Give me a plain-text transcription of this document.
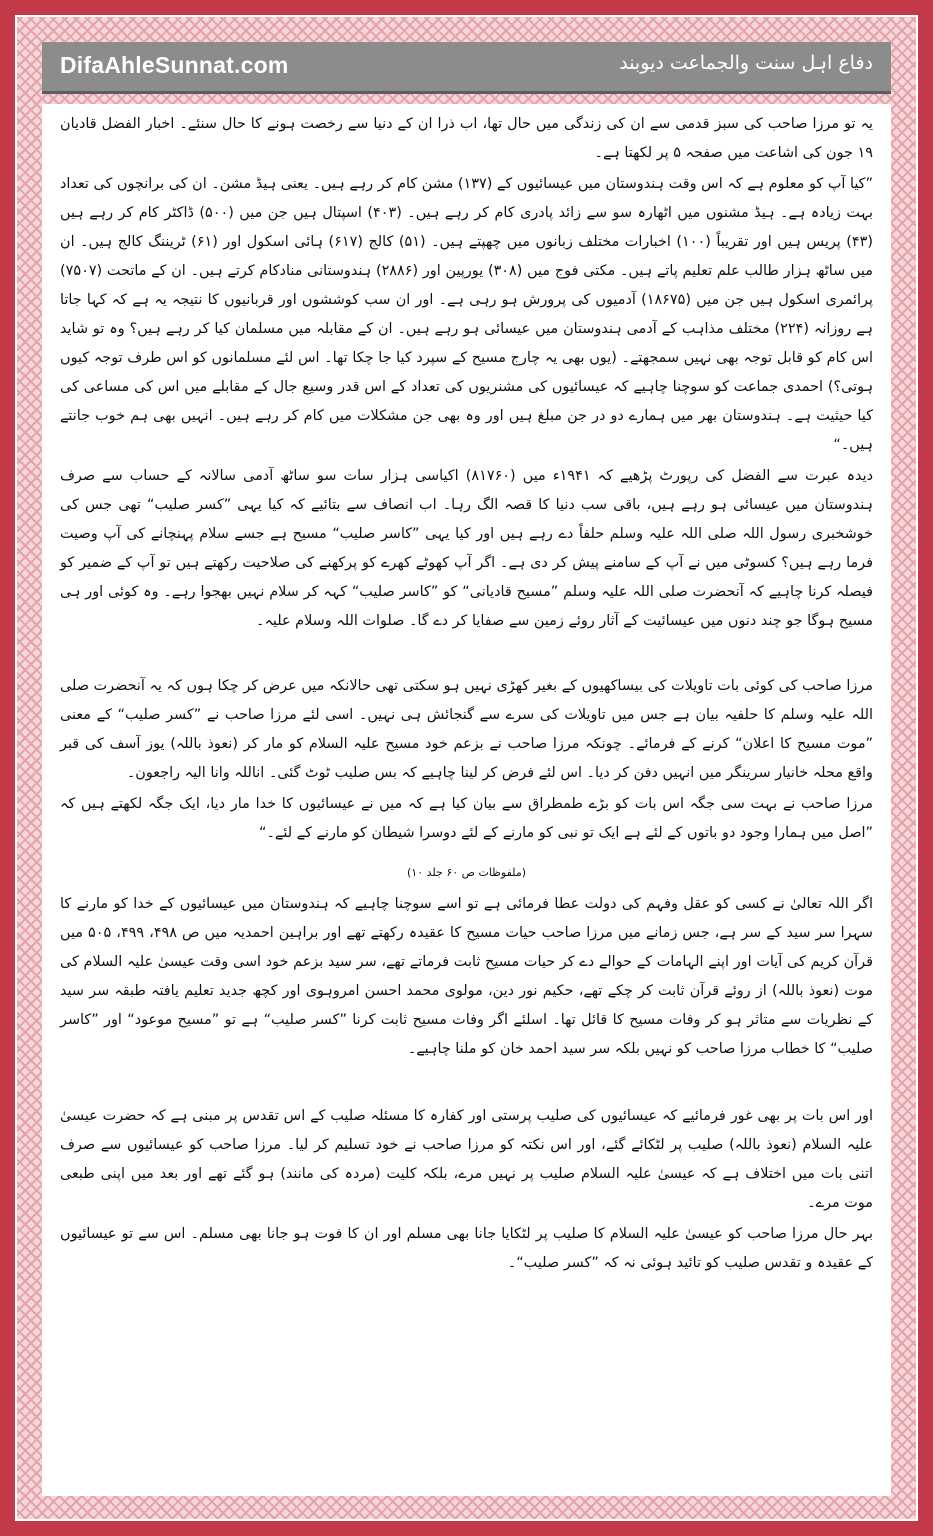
DifaAhleSunnat.com	دفاع اہل سنت والجماعت دیوبند

یہ تو مرزا صاحب کی سبز قدمی سے ان کی زندگی میں حال تھا، اب ذرا ان کے دنیا سے رخصت ہونے کا حال سنئے۔ اخبار الفضل قادیان ۱۹ جون کی اشاعت میں صفحہ ۵ پر لکھتا ہے۔

”کیا آپ کو معلوم ہے کہ اس وقت ہندوستان میں عیسائیوں کے (۱۳۷) مشن کام کر رہے ہیں۔ یعنی ہیڈ مشن۔ ان کی برانچوں کی تعداد بہت زیادہ ہے۔ ہیڈ مشنوں میں اٹھارہ سو سے زائد پادری کام کر رہے ہیں۔ (۴۰۳) اسپتال ہیں جن میں (۵۰۰) ڈاکٹر کام کر رہے ہیں (۴۳) پریس ہیں اور تقریباً (۱۰۰) اخبارات مختلف زبانوں میں چھپتے ہیں۔ (۵۱) کالج (۶۱۷) ہائی اسکول اور (۶۱) ٹریننگ کالج ہیں۔ ان میں ساٹھ ہزار طالب علم تعلیم پاتے ہیں۔ مکتی فوج میں (۳۰۸) یورپین اور (۲۸۸۶) ہندوستانی منادکام کرتے ہیں۔ ان کے ماتحت (۷۵۰۷) پرائمری اسکول ہیں جن میں (۱۸۶۷۵) آدمیوں کی پرورش ہو رہی ہے۔ اور ان سب کوششوں اور قربانیوں کا نتیجہ یہ ہے کہ کہا جاتا ہے روزانہ (۲۲۴) مختلف مذاہب کے آدمی ہندوستان میں عیسائی ہو رہے ہیں۔ ان کے مقابلہ میں مسلمان کیا کر رہے ہیں؟ وہ تو شاید اس کام کو قابل توجہ بھی نہیں سمجھتے۔ (یوں بھی یہ چارج مسیح کے سپرد کیا جا چکا تھا۔ اس لئے مسلمانوں کو اس طرف توجہ کیوں ہوتی؟) احمدی جماعت کو سوچنا چاہیے کہ عیسائیوں کی مشنریوں کی تعداد کے اس قدر وسیع جال کے مقابلے میں اس کی مساعی کی کیا حیثیت ہے۔ ہندوستان بھر میں ہمارے دو در جن مبلغ ہیں اور وہ بھی جن مشکلات میں کام کر رہے ہیں۔ انہیں بھی ہم خوب جانتے ہیں۔“

دیدہ عبرت سے الفضل کی رپورٹ پڑھیے کہ ۱۹۴۱ء میں (۸۱۷۶۰) اکیاسی ہزار سات سو ساٹھ آدمی سالانہ کے حساب سے صرف ہندوستان میں عیسائی ہو رہے ہیں، باقی سب دنیا کا قصہ الگ رہا۔ اب انصاف سے بتائیے کہ کیا یہی ”کسر صلیب“ تھی جس کی خوشخبری رسول اللہ صلی اللہ علیہ وسلم حلفاً دے رہے ہیں اور کیا یہی ”کاسر صلیب“ مسیح ہے جسے سلام پہنچانے کی آپ وصیت فرما رہے ہیں؟ کسوٹی میں نے آپ کے سامنے پیش کر دی ہے۔ اگر آپ کھوٹے کھرے کو پرکھنے کی صلاحیت رکھتے ہیں تو آپ کے ضمیر کو فیصلہ کرنا چاہیے کہ آنحضرت صلی اللہ علیہ وسلم ”مسیح قادیانی“ کو ”کاسر صلیب“ کہہ کر سلام نہیں بھجوا رہے۔ وہ کوئی اور ہی مسیح ہوگا جو چند دنوں میں عیسائیت کے آثار روئے زمین سے صفایا کر دے گا۔ صلوات اللہ وسلام علیہ۔

مرزا صاحب کی کوئی بات تاویلات کی بیساکھیوں کے بغیر کھڑی نہیں ہو سکتی تھی حالانکہ میں عرض کر چکا ہوں کہ یہ آنحضرت صلی اللہ علیہ وسلم کا حلفیہ بیان ہے جس میں تاویلات کی سرے سے گنجائش ہی نہیں۔ اسی لئے مرزا صاحب نے ”کسر صلیب“ کے معنی ”موت مسیح کا اعلان“ کرنے کے فرمائے۔ چونکہ مرزا صاحب نے بزعم خود مسیح علیہ السلام کو مار کر (نعوذ باللہ) یوز آسف کی قبر واقع محلہ خانیار سرینگر میں انہیں دفن کر دیا۔ اس لئے فرض کر لینا چاہیے کہ بس صلیب ٹوٹ گئی۔ اناللہ وانا الیہ راجعون۔

مرزا صاحب نے بہت سی جگہ اس بات کو بڑے طمطراق سے بیان کیا ہے کہ میں نے عیسائیوں کا خدا مار دیا، ایک جگہ لکھتے ہیں کہ ”اصل میں ہمارا وجود دو باتوں کے لئے ہے ایک تو نبی کو مارنے کے لئے دوسرا شیطان کو مارنے کے لئے۔“

(ملفوظات ص ۶۰ جلد ۱۰)

اگر اللہ تعالیٰ نے کسی کو عقل وفہم کی دولت عطا فرمائی ہے تو اسے سوچنا چاہیے کہ ہندوستان میں عیسائیوں کے خدا کو مارنے کا سہرا سر سید کے سر ہے، جس زمانے میں مرزا صاحب حیات مسیح کا عقیدہ رکھتے تھے اور براہین احمدیہ میں ص ۴۹۸، ۴۹۹، ۵۰۵ میں قرآن کریم کی آیات اور اپنے الہامات کے حوالے دے کر حیات مسیح ثابت فرماتے تھے، سر سید بزعم خود اسی وقت عیسیٰ علیہ السلام کی موت (نعوذ باللہ) از روئے قرآن ثابت کر چکے تھے، حکیم نور دین، مولوی محمد احسن امروہوی اور کچھ جدید تعلیم یافتہ طبقہ سر سید کے نظریات سے متاثر ہو کر وفات مسیح کا قائل تھا۔ اسلئے اگر وفات مسیح ثابت کرنا ”کسر صلیب“ ہے تو ”مسیح موعود“ اور ”کاسر صلیب“ کا خطاب مرزا صاحب کو نہیں بلکہ سر سید احمد خان کو ملنا چاہیے۔

اور اس بات پر بھی غور فرمائیے کہ عیسائیوں کی صلیب پرستی اور کفارہ کا مسئلہ صلیب کے اس تقدس پر مبنی ہے کہ حضرت عیسیٰ علیہ السلام (نعوذ باللہ) صلیب پر لٹکائے گئے، اور اس نکتہ کو مرزا صاحب نے خود تسلیم کر لیا۔ مرزا صاحب کو عیسائیوں سے صرف اتنی بات میں اختلاف ہے کہ عیسیٰ علیہ السلام صلیب پر نہیں مرے، بلکہ کلیت (مردہ کی مانند) ہو گئے تھے اور بعد میں اپنی طبعی موت مرے۔

بہر حال مرزا صاحب کو عیسیٰ علیہ السلام کا صلیب پر لٹکایا جانا بھی مسلم اور ان کا فوت ہو جانا بھی مسلم۔ اس سے تو عیسائیوں کے عقیدہ و تقدس صلیب کو تائید ہوئی نہ کہ ”کسر صلیب“۔
